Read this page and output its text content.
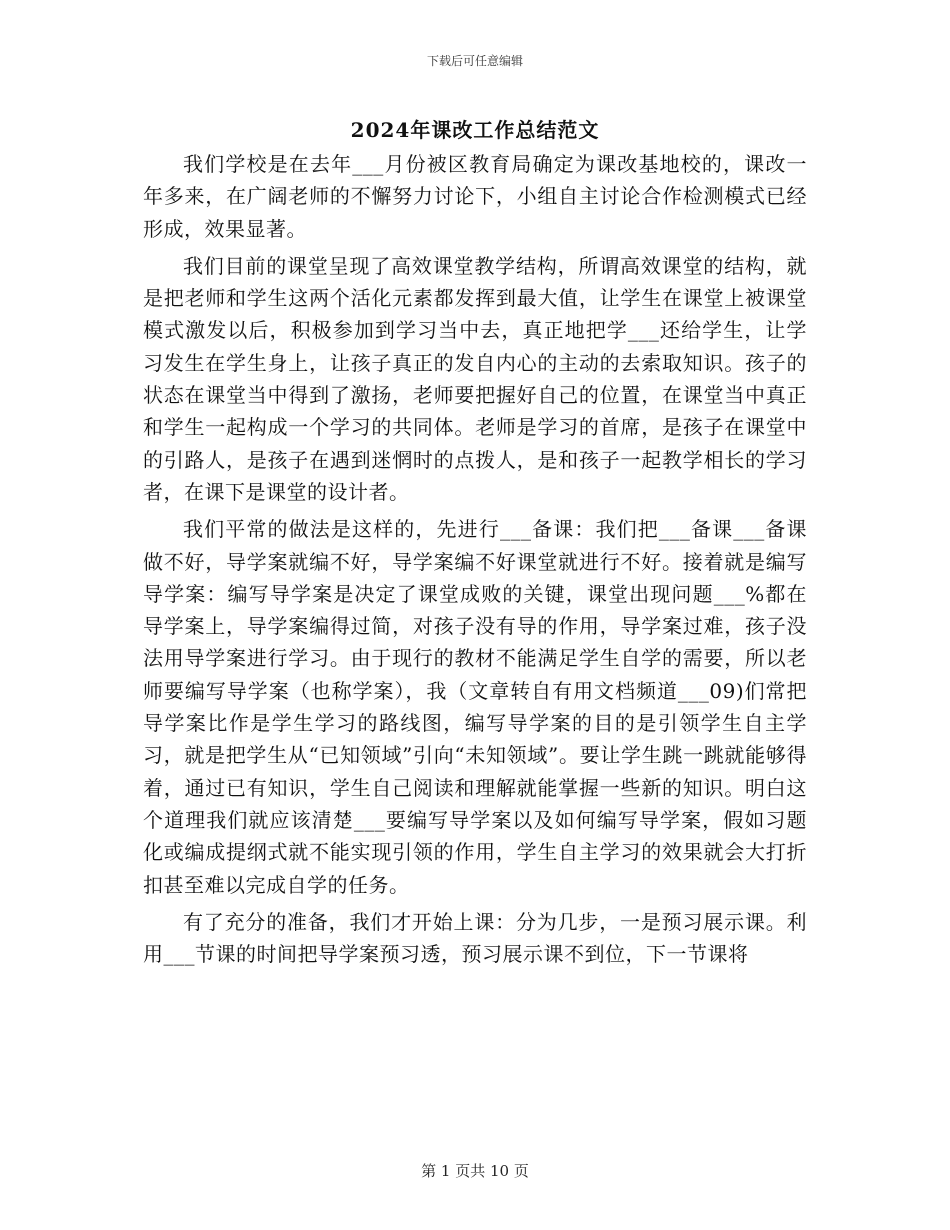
下载后可任意编辑
2024年课改工作总结范文

我们学校是在去年___月份被区教育局确定为课改基地校的，课改一年多来，在广阔老师的不懈努力讨论下，小组自主讨论合作检测模式已经形成，效果显著。

我们目前的课堂呈现了高效课堂教学结构，所谓高效课堂的结构，就是把老师和学生这两个活化元素都发挥到最大值，让学生在课堂上被课堂模式激发以后，积极参加到学习当中去，真正地把学___还给学生，让学习发生在学生身上，让孩子真正的发自内心的主动的去索取知识。孩子的状态在课堂当中得到了激扬，老师要把握好自己的位置，在课堂当中真正和学生一起构成一个学习的共同体。老师是学习的首席，是孩子在课堂中的引路人，是孩子在遇到迷惘时的点拨人，是和孩子一起教学相长的学习者，在课下是课堂的设计者。

我们平常的做法是这样的，先进行___备课：我们把___备课___备课做不好，导学案就编不好，导学案编不好课堂就进行不好。接着就是编写导学案：编写导学案是决定了课堂成败的关键，课堂出现问题___%都在导学案上，导学案编得过简，对孩子没有导的作用，导学案过难，孩子没法用导学案进行学习。由于现行的教材不能满足学生自学的需要，所以老师要编写导学案（也称学案），我（文章转自有用文档频道___09)们常把导学案比作是学生学习的路线图，编写导学案的目的是引领学生自主学习，就是把学生从“已知领域”引向“未知领域”。要让学生跳一跳就能够得着，通过已有知识，学生自己阅读和理解就能掌握一些新的知识。明白这个道理我们就应该清楚___要编写导学案以及如何编写导学案，假如习题化或编成提纲式就不能实现引领的作用，学生自主学习的效果就会大打折扣甚至难以完成自学的任务。

有了充分的准备，我们才开始上课：分为几步，一是预习展示课。利用___节课的时间把导学案预习透，预习展示课不到位，下一节课将

第 1 页共 10 页
